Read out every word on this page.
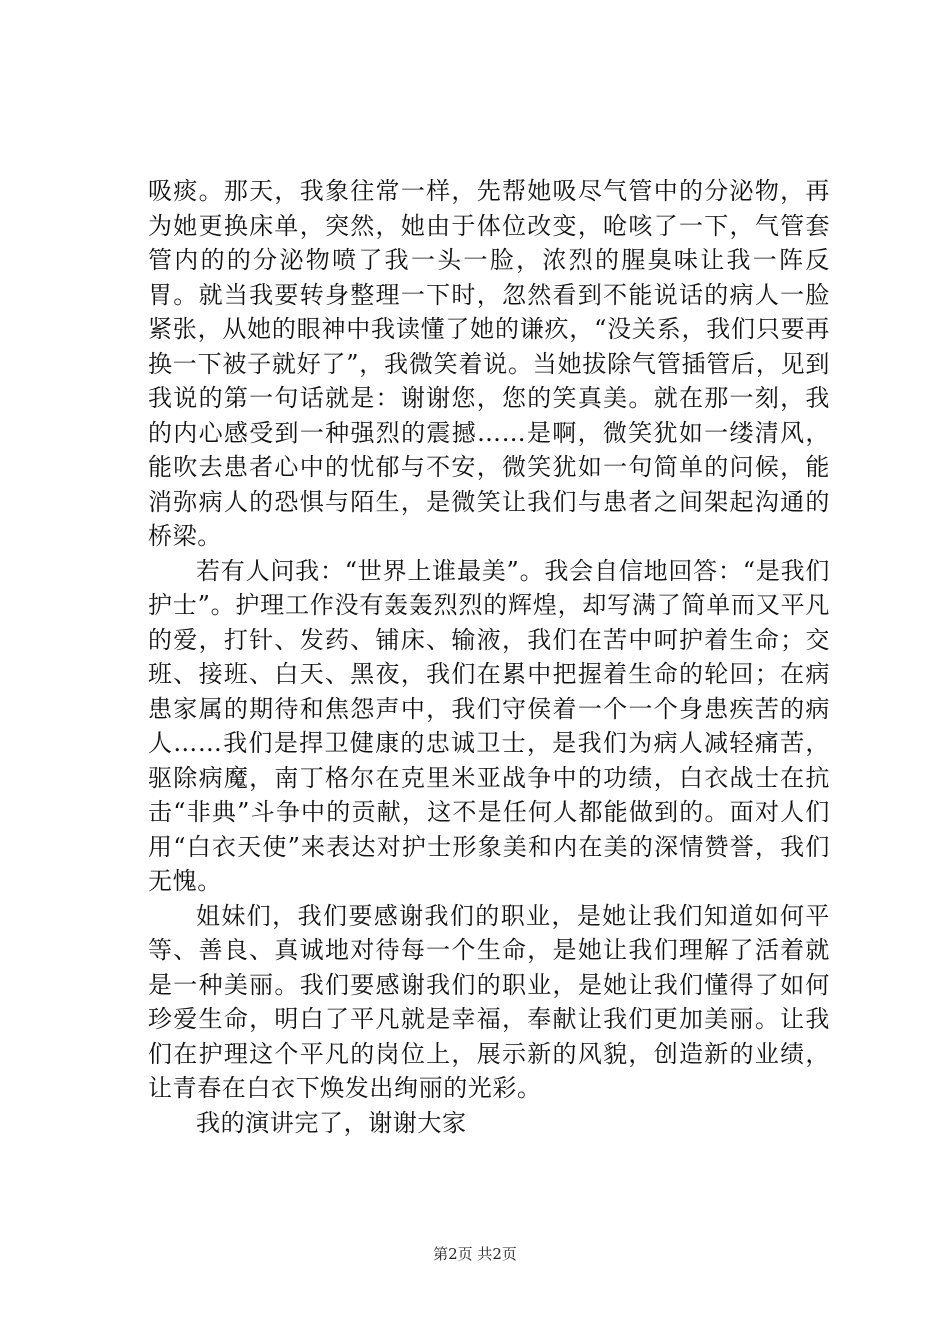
吸痰。那天，我象往常一样，先帮她吸尽气管中的分泌物，再为她更换床单，突然，她由于体位改变，呛咳了一下，气管套管内的的分泌物喷了我一头一脸，浓烈的腥臭味让我一阵反胃。就当我要转身整理一下时，忽然看到不能说话的病人一脸紧张，从她的眼神中我读懂了她的谦疚，“没关系，我们只要再换一下被子就好了”，我微笑着说。当她拔除气管插管后，见到我说的第一句话就是：谢谢您，您的笑真美。就在那一刻，我的内心感受到一种强烈的震撼……是啊，微笑犹如一缕清风，能吹去患者心中的忧郁与不安，微笑犹如一句简单的问候，能消弥病人的恐惧与陌生，是微笑让我们与患者之间架起沟通的桥梁。

若有人问我：“世界上谁最美”。我会自信地回答：“是我们护士”。护理工作没有轰轰烈烈的辉煌，却写满了简单而又平凡的爱，打针、发药、铺床、输液，我们在苦中呵护着生命；交班、接班、白天、黑夜，我们在累中把握着生命的轮回；在病患家属的期待和焦怨声中，我们守侯着一个一个身患疾苦的病人……我们是捍卫健康的忠诚卫士，是我们为病人减轻痛苦，驱除病魔，南丁格尔在克里米亚战争中的功绩，白衣战士在抗击“非典”斗争中的贡献，这不是任何人都能做到的。面对人们用“白衣天使”来表达对护士形象美和内在美的深情赞誉，我们无愧。

姐妹们，我们要感谢我们的职业，是她让我们知道如何平等、善良、真诚地对待每一个生命，是她让我们理解了活着就是一种美丽。我们要感谢我们的职业，是她让我们懂得了如何珍爱生命，明白了平凡就是幸福，奉献让我们更加美丽。让我们在护理这个平凡的岗位上，展示新的风貌，创造新的业绩，让青春在白衣下焕发出绚丽的光彩。

我的演讲完了，谢谢大家

第2页 共2页
